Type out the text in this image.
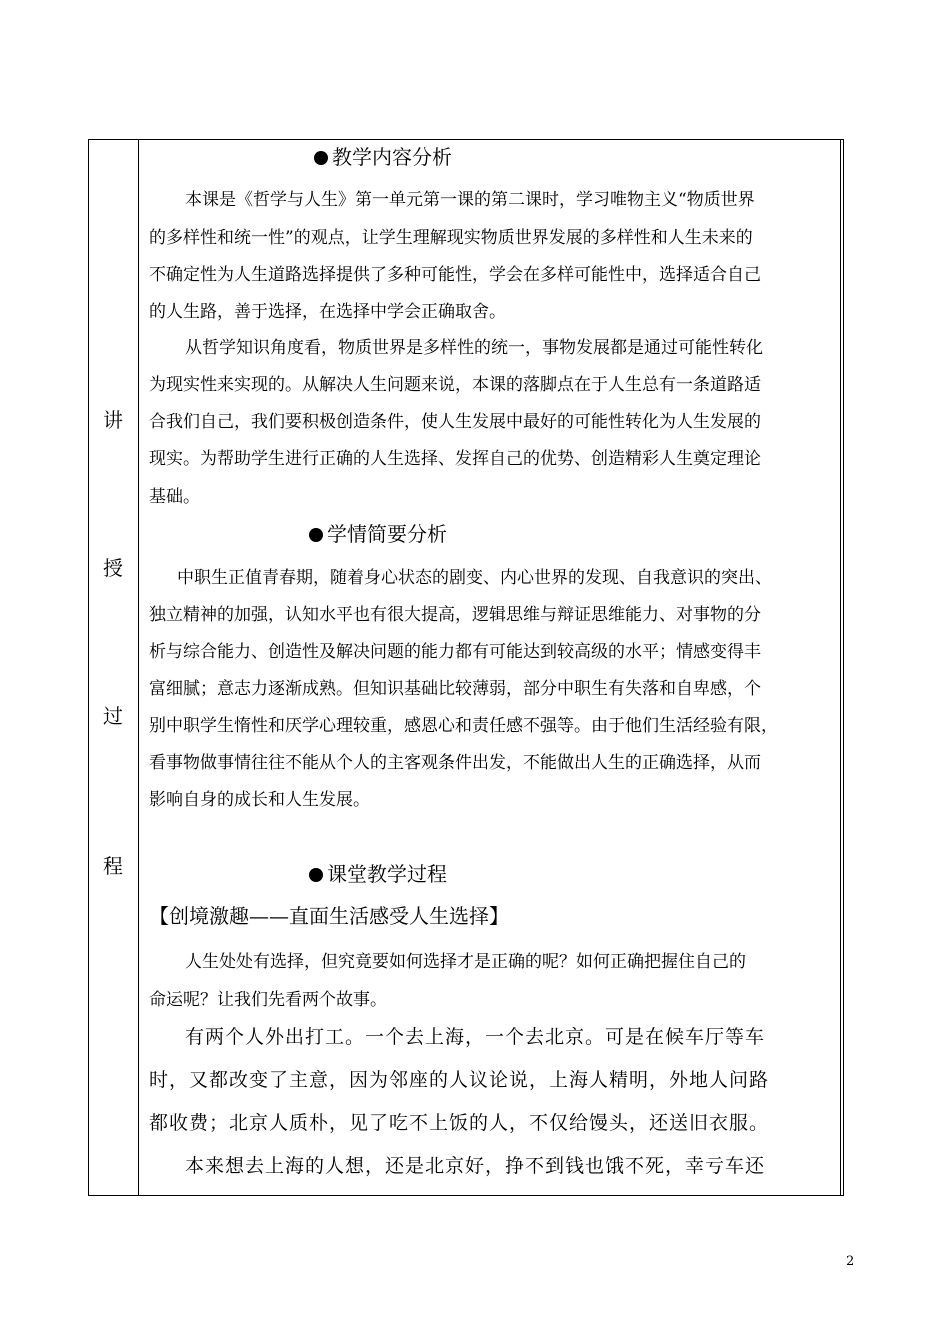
讲
授
过
程
教学内容分析
本课是《哲学与人生》第一单元第一课的第二课时，学习唯物主义“物质世界
的多样性和统一性”的观点，让学生理解现实物质世界发展的多样性和人生未来的
不确定性为人生道路选择提供了多种可能性，学会在多样可能性中，选择适合自己
的人生路，善于选择，在选择中学会正确取舍。
从哲学知识角度看，物质世界是多样性的统一，事物发展都是通过可能性转化
为现实性来实现的。从解决人生问题来说，本课的落脚点在于人生总有一条道路适
合我们自己，我们要积极创造条件，使人生发展中最好的可能性转化为人生发展的
现实。为帮助学生进行正确的人生选择、发挥自己的优势、创造精彩人生奠定理论
基础。
学情简要分析
中职生正值青春期，随着身心状态的剧变、内心世界的发现、自我意识的突出、
独立精神的加强，认知水平也有很大提高，逻辑思维与辩证思维能力、对事物的分
析与综合能力、创造性及解决问题的能力都有可能达到较高级的水平；情感变得丰
富细腻；意志力逐渐成熟。但知识基础比较薄弱，部分中职生有失落和自卑感，个
别中职学生惰性和厌学心理较重，感恩心和责任感不强等。由于他们生活经验有限，
看事物做事情往往不能从个人的主客观条件出发，不能做出人生的正确选择，从而
影响自身的成长和人生发展。
课堂教学过程
【创境激趣——直面生活感受人生选择】
人生处处有选择，但究竟要如何选择才是正确的呢？如何正确把握住自己的
命运呢？让我们先看两个故事。
有两个人外出打工。一个去上海，一个去北京。可是在候车厅等车
时，又都改变了主意，因为邻座的人议论说，上海人精明，外地人问路
都收费；北京人质朴，见了吃不上饭的人，不仅给馒头，还送旧衣服。
本来想去上海的人想，还是北京好，挣不到钱也饿不死，幸亏车还
2
